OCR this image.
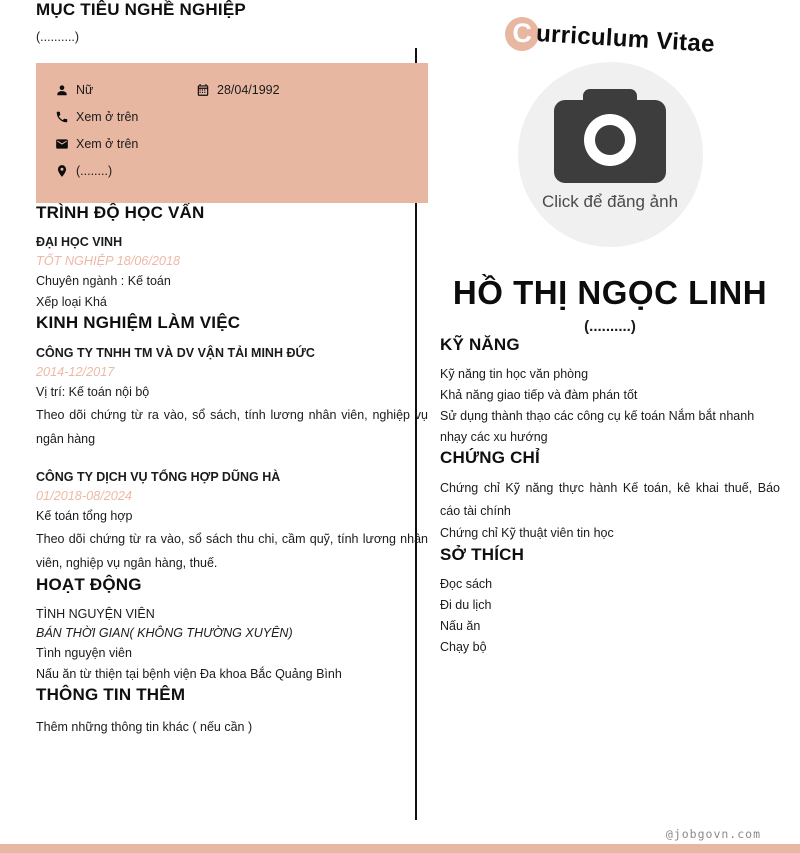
MỤC TIÊU NGHỀ NGHIỆP

(..........)

Nữ	28/04/1992
Xem ở trên
Xem ở trên
(........)
TRÌNH ĐỘ HỌC VẤN

ĐẠI HỌC VINH

TỐT NGHIỆP 18/06/2018

Chuyên ngành : Kế toán

Xếp loại Khá

KINH NGHIỆM LÀM VIỆC

CÔNG TY TNHH TM VÀ DV VẬN TẢI MINH ĐỨC

2014-12/2017

Vị trí: Kế toán nội bộ

Theo dõi chứng từ ra vào, sổ sách, tính lương nhân viên, nghiệp vụ ngân hàng

CÔNG TY DỊCH VỤ TỔNG HỢP DŨNG HÀ

01/2018-08/2024

Kế toán tổng hợp

Theo dõi chứng từ ra vào, sổ sách thu chi, cầm quỹ, tính lương nhân viên, nghiệp vụ ngân hàng, thuế.

HOẠT ĐỘNG

TÌNH NGUYỆN VIÊN

BÁN THỜI GIAN( KHÔNG THƯỜNG XUYÊN)

Tình nguyện viên

Nấu ăn từ thiện tại bệnh viện Đa khoa Bắc Quảng Bình

THÔNG TIN THÊM

Thêm những thông tin khác ( nếu cần )

C urriculum Vitae
Click để đăng ảnh
HỒ THỊ NGỌC LINH

(..........)

KỸ NĂNG

Kỹ năng tin học văn phòng

Khả năng giao tiếp và đàm phán tốt

Sử dụng thành thạo các công cụ kế toán Nắm bắt nhanh nhạy các xu hướng

CHỨNG CHỈ

Chứng chỉ Kỹ năng thực hành Kế toán, kê khai thuế, Báo cáo tài chính

Chứng chỉ Kỹ thuật viên tin học

SỞ THÍCH

Đọc sách

Đi du lịch

Nấu ăn

Chạy bộ

@jobgovn.com
